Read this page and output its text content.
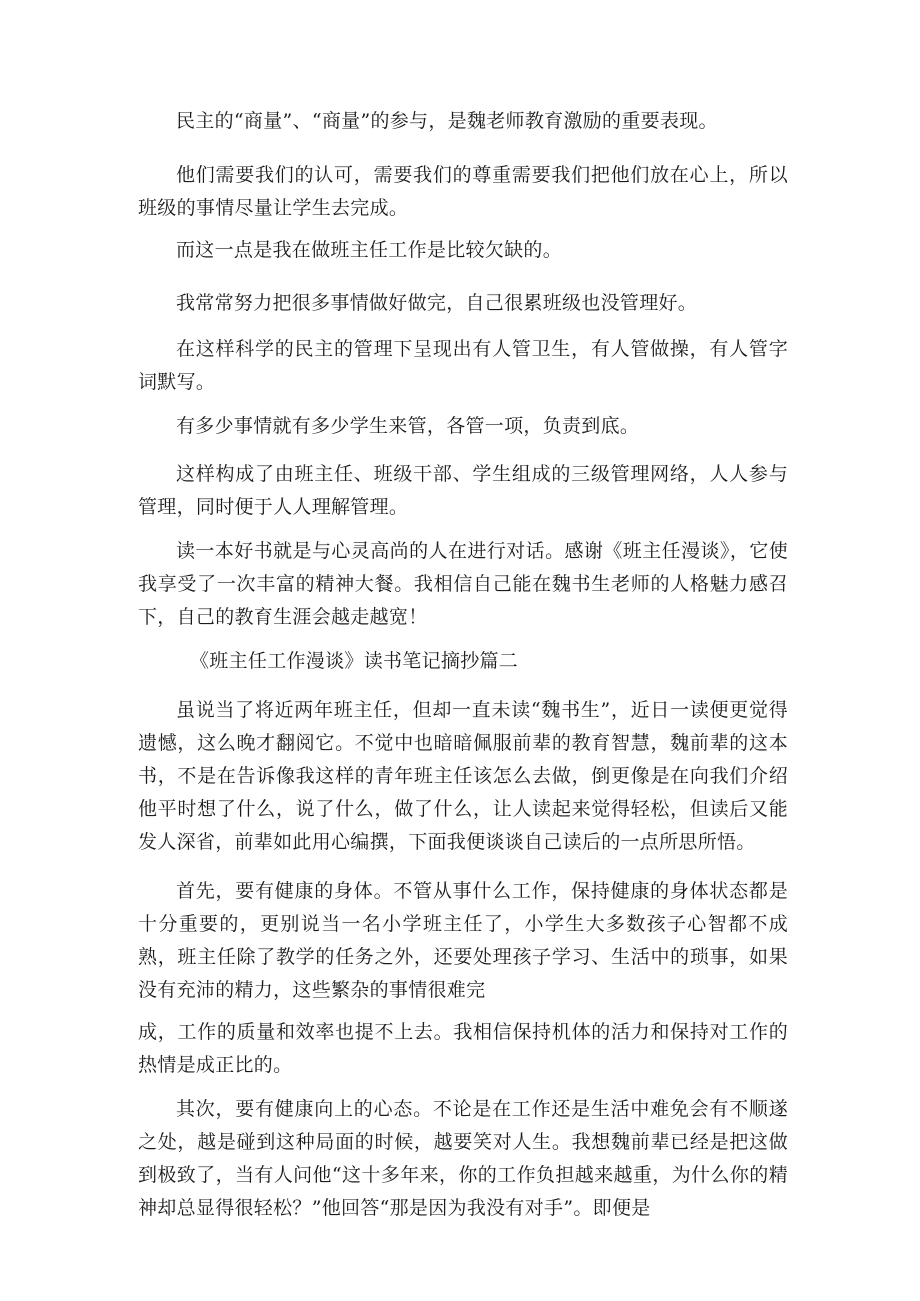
民主的“商量”、“商量”的参与，是魏老师教育激励的重要表现。

他们需要我们的认可，需要我们的尊重需要我们把他们放在心上，所以班级的事情尽量让学生去完成。

而这一点是我在做班主任工作是比较欠缺的。

我常常努力把很多事情做好做完，自己很累班级也没管理好。

在这样科学的民主的管理下呈现出有人管卫生，有人管做操，有人管字词默写。

有多少事情就有多少学生来管，各管一项，负责到底。

这样构成了由班主任、班级干部、学生组成的三级管理网络，人人参与管理，同时便于人人理解管理。

读一本好书就是与心灵高尚的人在进行对话。感谢《班主任漫谈》，它使我享受了一次丰富的精神大餐。我相信自己能在魏书生老师的人格魅力感召下，自己的教育生涯会越走越宽！

《班主任工作漫谈》读书笔记摘抄篇二

虽说当了将近两年班主任，但却一直未读“魏书生”，近日一读便更觉得遗憾，这么晚才翻阅它。不觉中也暗暗佩服前辈的教育智慧，魏前辈的这本书，不是在告诉像我这样的青年班主任该怎么去做，倒更像是在向我们介绍他平时想了什么，说了什么，做了什么，让人读起来觉得轻松，但读后又能发人深省，前辈如此用心编撰，下面我便谈谈自己读后的一点所思所悟。

首先，要有健康的身体。不管从事什么工作，保持健康的身体状态都是十分重要的，更别说当一名小学班主任了，小学生大多数孩子心智都不成熟，班主任除了教学的任务之外，还要处理孩子学习、生活中的琐事，如果没有充沛的精力，这些繁杂的事情很难完

成，工作的质量和效率也提不上去。我相信保持机体的活力和保持对工作的热情是成正比的。

其次，要有健康向上的心态。不论是在工作还是生活中难免会有不顺遂之处，越是碰到这种局面的时候，越要笑对人生。我想魏前辈已经是把这做到极致了，当有人问他“这十多年来，你的工作负担越来越重，为什么你的精神却总显得很轻松？”他回答“那是因为我没有对手”。即便是
